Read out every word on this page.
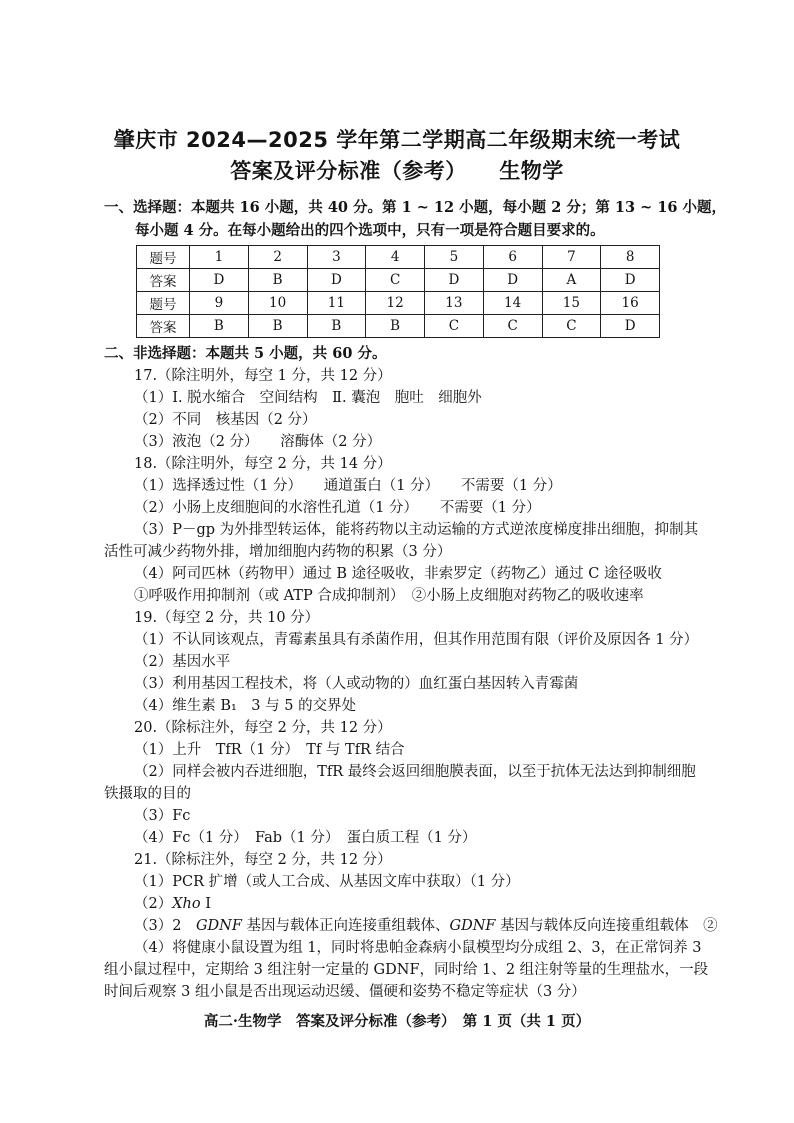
肇庆市 2024—2025 学年第二学期高二年级期末统一考试
答案及评分标准（参考）　　生物学
一、选择题：本题共 16 小题，共 40 分。第 1 ~ 12 小题，每小题 2 分；第 13 ~ 16 小题，
每小题 4 分。在每小题给出的四个选项中，只有一项是符合题目要求的。
题号	1	2	3	4	5	6	7	8
答案	D	B	D	C	D	D	A	D
题号	9	10	11	12	13	14	15	16
答案	B	B	B	B	C	C	C	D
二、非选择题：本题共 5 小题，共 60 分。
17.（除注明外，每空 1 分，共 12 分）
（1）Ⅰ. 脱水缩合　空间结构　Ⅱ. 囊泡　胞吐　细胞外
（2）不同　核基因（2 分）
（3）液泡（2 分）　　溶酶体（2 分）
18.（除注明外，每空 2 分，共 14 分）
（1）选择透过性（1 分）　　通道蛋白（1 分）　　不需要（1 分）
（2）小肠上皮细胞间的水溶性孔道（1 分）　　不需要（1 分）
（3）P－gp 为外排型转运体，能将药物以主动运输的方式逆浓度梯度排出细胞，抑制其
活性可减少药物外排，增加细胞内药物的积累（3 分）
（4）阿司匹林（药物甲）通过 B 途径吸收，非索罗定（药物乙）通过 C 途径吸收
①呼吸作用抑制剂（或 ATP 合成抑制剂）　②小肠上皮细胞对药物乙的吸收速率
19.（每空 2 分，共 10 分）
（1）不认同该观点，青霉素虽具有杀菌作用，但其作用范围有限（评价及原因各 1 分）
（2）基因水平
（3）利用基因工程技术，将（人或动物的）血红蛋白基因转入青霉菌
（4）维生素 B₁　3 与 5 的交界处
20.（除标注外，每空 2 分，共 12 分）
（1）上升　TfR（1 分）　Tf 与 TfR 结合
（2）同样会被内吞进细胞，TfR 最终会返回细胞膜表面，以至于抗体无法达到抑制细胞
铁摄取的目的
（3）Fc
（4）Fc（1 分）　Fab（1 分）　蛋白质工程（1 分）
21.（除标注外，每空 2 分，共 12 分）
（1）PCR 扩增（或人工合成、从基因文库中获取）（1 分）
（2）Xho Ⅰ
（3）2　GDNF 基因与载体正向连接重组载体、GDNF 基因与载体反向连接重组载体　②
（4）将健康小鼠设置为组 1，同时将患帕金森病小鼠模型均分成组 2、3，在正常饲养 3
组小鼠过程中，定期给 3 组注射一定量的 GDNF，同时给 1、2 组注射等量的生理盐水，一段
时间后观察 3 组小鼠是否出现运动迟缓、僵硬和姿势不稳定等症状（3 分）
高二·生物学　答案及评分标准（参考）　第 1 页（共 1 页）
